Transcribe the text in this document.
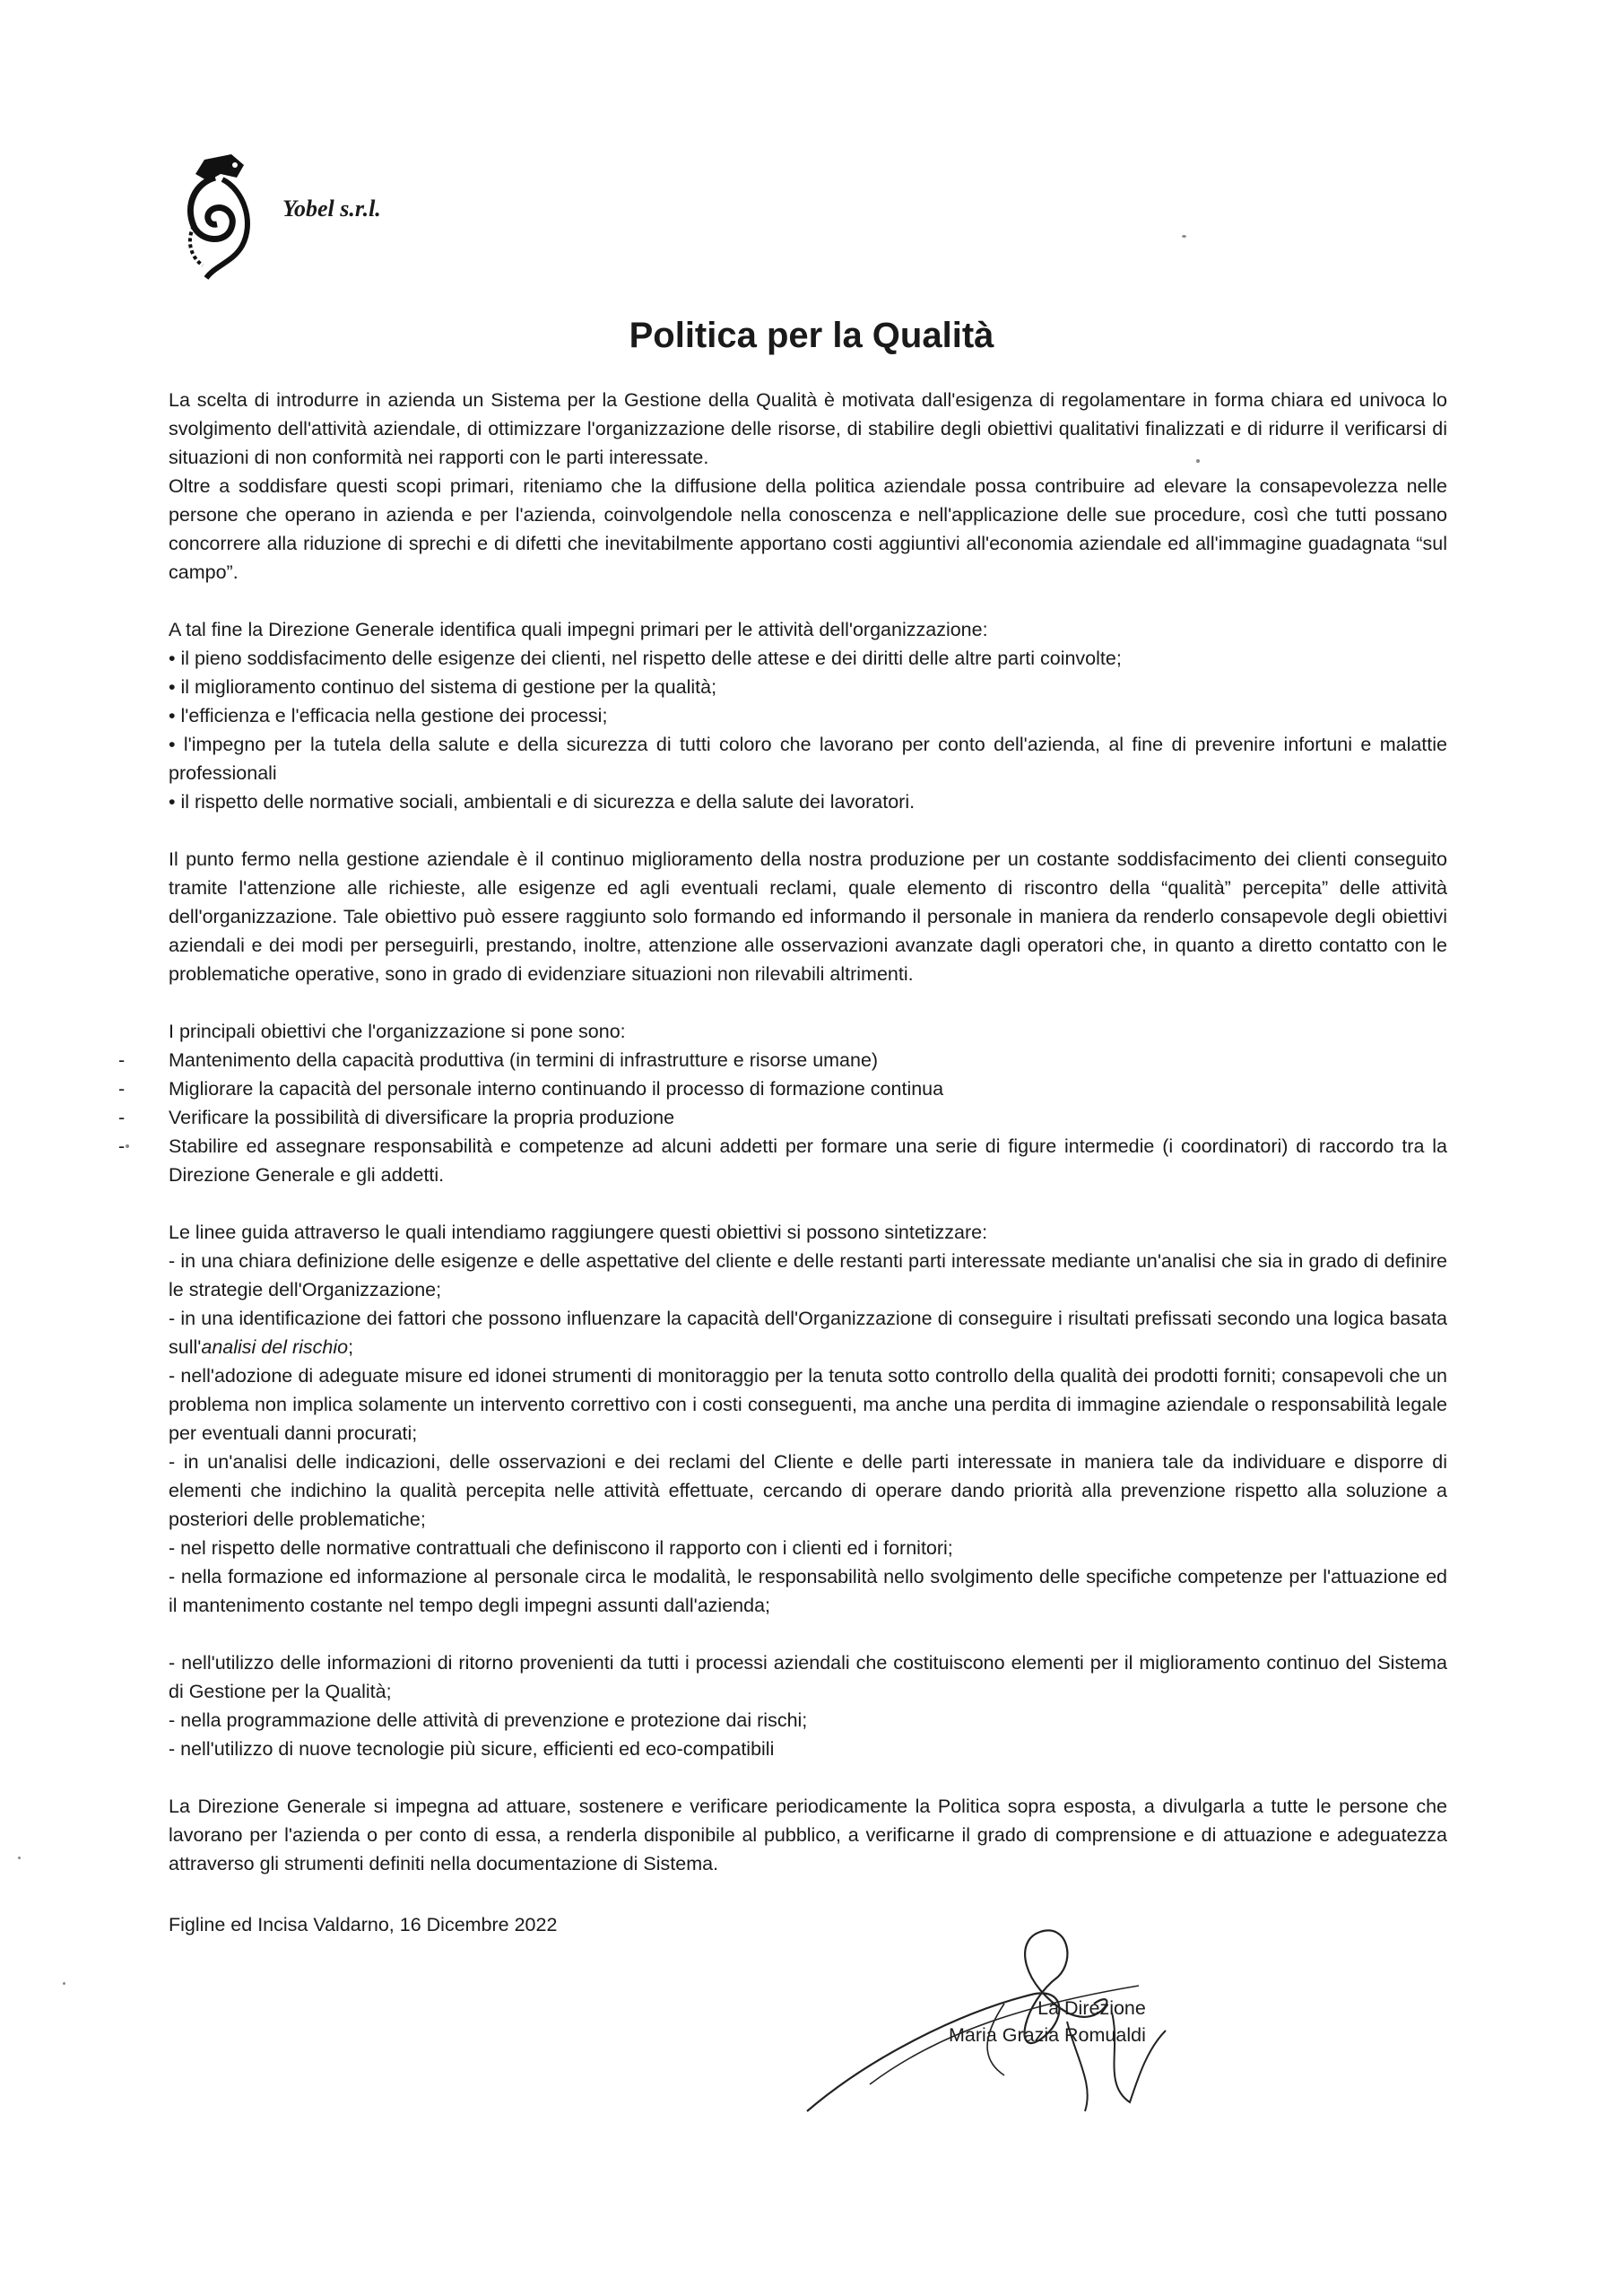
Yobel s.r.l.
Politica per la Qualità

La scelta di introdurre in azienda un Sistema per la Gestione della Qualità è motivata dall'esigenza di regolamentare in forma chiara ed univoca lo svolgimento dell'attività aziendale, di ottimizzare l'organizzazione delle risorse, di stabilire degli obiettivi qualitativi finalizzati e di ridurre il verificarsi di situazioni di non conformità nei rapporti con le parti interessate.

Oltre a soddisfare questi scopi primari, riteniamo che la diffusione della politica aziendale possa contribuire ad elevare la consapevolezza nelle persone che operano in azienda e per l'azienda, coinvolgendole nella conoscenza e nell'applicazione delle sue procedure, così che tutti possano concorrere alla riduzione di sprechi e di difetti che inevitabilmente apportano costi aggiuntivi all'economia aziendale ed all'immagine guadagnata “sul campo”.

A tal fine la Direzione Generale identifica quali impegni primari per le attività dell'organizzazione:

• il pieno soddisfacimento delle esigenze dei clienti, nel rispetto delle attese e dei diritti delle altre parti coinvolte;

• il miglioramento continuo del sistema di gestione per la qualità;

• l'efficienza e l'efficacia nella gestione dei processi;

• l'impegno per la tutela della salute e della sicurezza di tutti coloro che lavorano per conto dell'azienda, al fine di prevenire infortuni e malattie professionali

• il rispetto delle normative sociali, ambientali e di sicurezza e della salute dei lavoratori.

Il punto fermo nella gestione aziendale è il continuo miglioramento della nostra produzione per un costante soddisfacimento dei clienti conseguito tramite l'attenzione alle richieste, alle esigenze ed agli eventuali reclami, quale elemento di riscontro della “qualità” percepita” delle attività dell'organizzazione. Tale obiettivo può essere raggiunto solo formando ed informando il personale in maniera da renderlo consapevole degli obiettivi aziendali e dei modi per perseguirli, prestando, inoltre, attenzione alle osservazioni avanzate dagli operatori che, in quanto a diretto contatto con le problematiche operative, sono in grado di evidenziare situazioni non rilevabili altrimenti.

I principali obiettivi che l'organizzazione si pone sono:

- Mantenimento della capacità produttiva (in termini di infrastrutture e risorse umane)

- Migliorare la capacità del personale interno continuando il processo di formazione continua

- Verificare la possibilità di diversificare la propria produzione

- Stabilire ed assegnare responsabilità e competenze ad alcuni addetti per formare una serie di figure intermedie (i coordinatori) di raccordo tra la Direzione Generale e gli addetti.

Le linee guida attraverso le quali intendiamo raggiungere questi obiettivi si possono sintetizzare:

- in una chiara definizione delle esigenze e delle aspettative del cliente e delle restanti parti interessate mediante un'analisi che sia in grado di definire le strategie dell'Organizzazione;

- in una identificazione dei fattori che possono influenzare la capacità dell'Organizzazione di conseguire i risultati prefissati secondo una logica basata sull'analisi del rischio;

- nell'adozione di adeguate misure ed idonei strumenti di monitoraggio per la tenuta sotto controllo della qualità dei prodotti forniti; consapevoli che un problema non implica solamente un intervento correttivo con i costi conseguenti, ma anche una perdita di immagine aziendale o responsabilità legale per eventuali danni procurati;

- in un'analisi delle indicazioni, delle osservazioni e dei reclami del Cliente e delle parti interessate in maniera tale da individuare e disporre di elementi che indichino la qualità percepita nelle attività effettuate, cercando di operare dando priorità alla prevenzione rispetto alla soluzione a posteriori delle problematiche;

- nel rispetto delle normative contrattuali che definiscono il rapporto con i clienti ed i fornitori;

- nella formazione ed informazione al personale circa le modalità, le responsabilità nello svolgimento delle specifiche competenze per l'attuazione ed il mantenimento costante nel tempo degli impegni assunti dall'azienda;

- nell'utilizzo delle informazioni di ritorno provenienti da tutti i processi aziendali che costituiscono elementi per il miglioramento continuo del Sistema di Gestione per la Qualità;

- nella programmazione delle attività di prevenzione e protezione dai rischi;

- nell'utilizzo di nuove tecnologie più sicure, efficienti ed eco-compatibili

La Direzione Generale si impegna ad attuare, sostenere e verificare periodicamente la Politica sopra esposta, a divulgarla a tutte le persone che lavorano per l'azienda o per conto di essa, a renderla disponibile al pubblico, a verificarne il grado di comprensione e di attuazione e adeguatezza attraverso gli strumenti definiti nella documentazione di Sistema.

Figline ed Incisa Valdarno, 16 Dicembre 2022
La Direzione
Maria Grazia Romualdi
